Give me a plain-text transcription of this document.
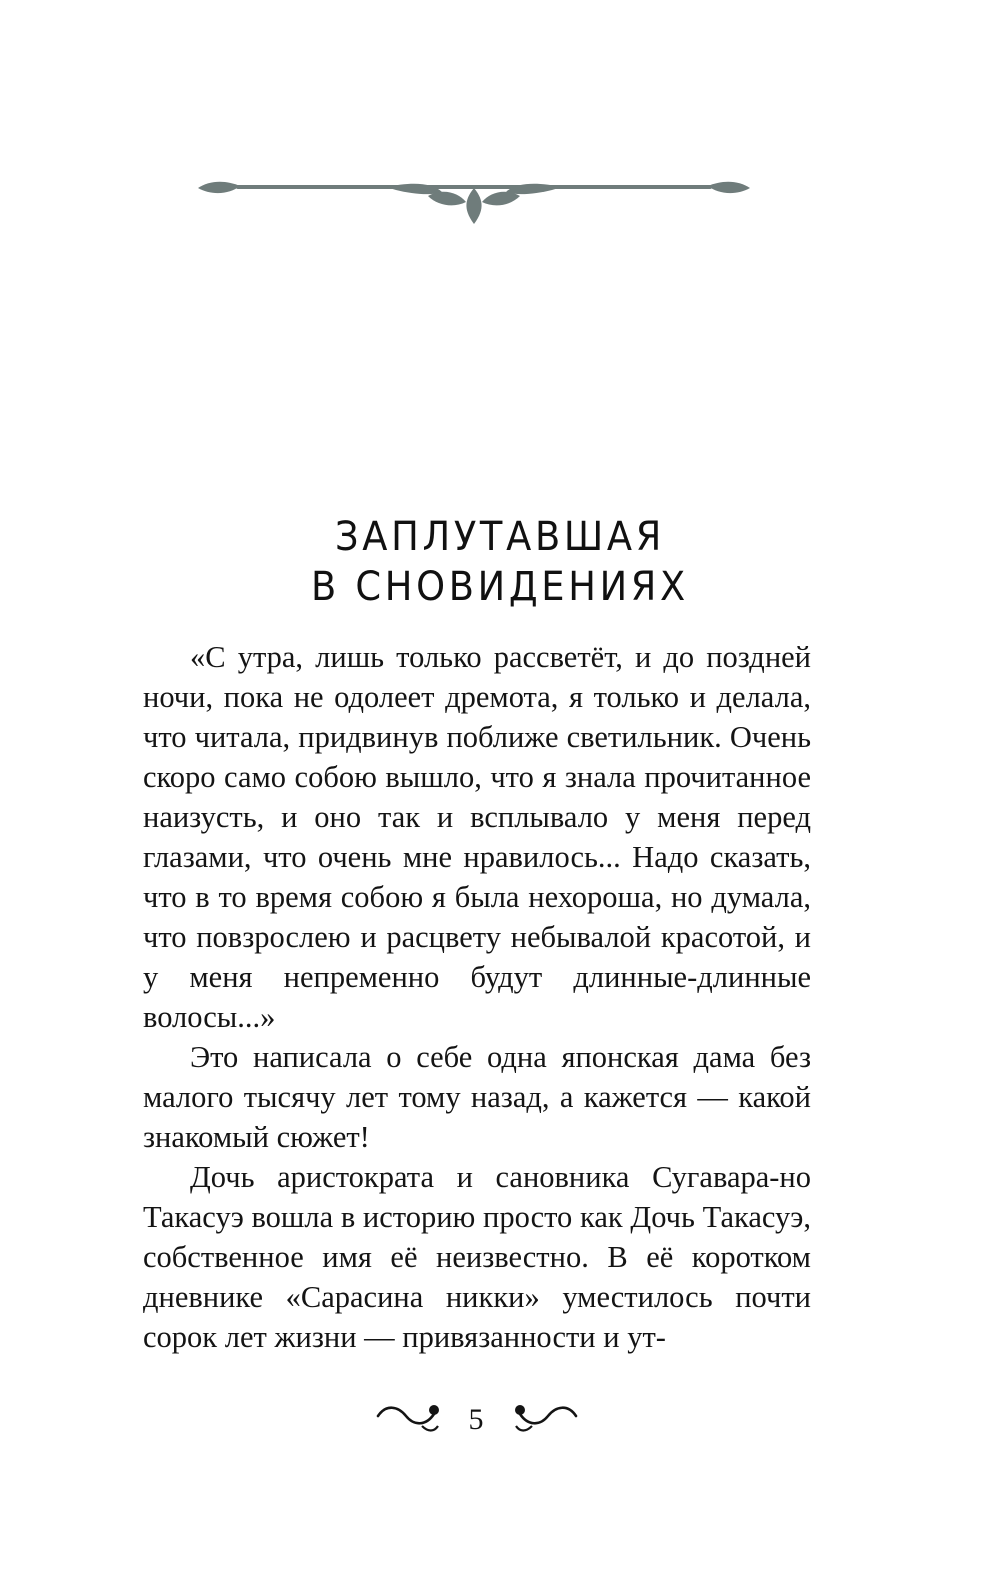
ЗАПЛУТАВШАЯ
В СНОВИДЕНИЯХ

«С утра, лишь только рассветёт, и до поздней ночи, пока не одолеет дремота, я только и делала, что читала, придвинув поближе светильник. Очень скоро само собою вышло, что я знала прочитанное наизусть, и оно так и всплывало у меня перед глазами, что очень мне нравилось... Надо сказать, что в то время собою я была нехороша, но думала, что повзрослею и расцвету небывалой красотой, и у меня непременно будут длинные-длинные волосы...»

Это написала о себе одна японская дама без малого тысячу лет тому назад, а кажется — какой знакомый сюжет!

Дочь аристократа и сановника Сугавара-но Такасуэ вошла в историю просто как Дочь Такасуэ, собственное имя её неизвестно. В её коротком дневнике «Сарасина никки» уместилось почти сорок лет жизни — привязанности и ут-

5
